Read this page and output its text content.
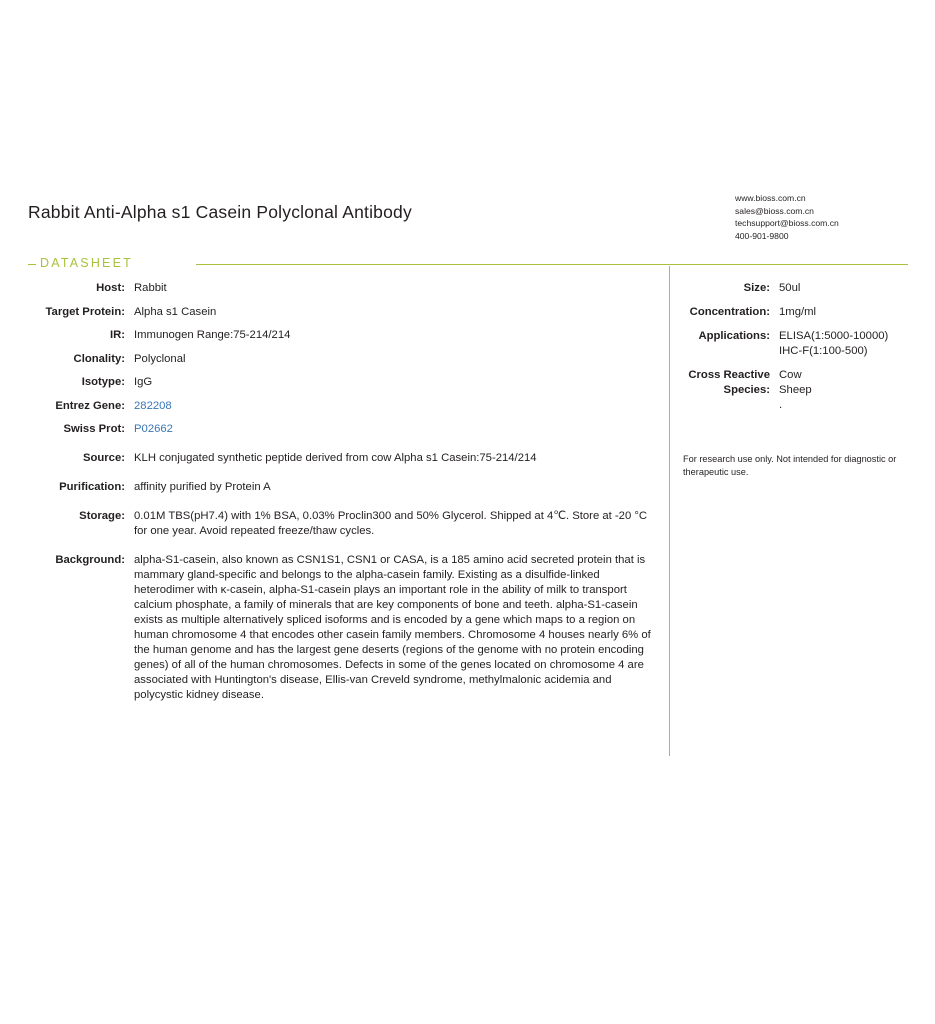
Rabbit Anti-Alpha s1 Casein Polyclonal Antibody
www.bioss.com.cn
sales@bioss.com.cn
techsupport@bioss.com.cn
400-901-9800
DATASHEET
Host: Rabbit
Target Protein: Alpha s1 Casein
IR: Immunogen Range:75-214/214
Clonality: Polyclonal
Isotype: IgG
Entrez Gene: 282208
Swiss Prot: P02662
Source: KLH conjugated synthetic peptide derived from cow Alpha s1 Casein:75-214/214
Purification: affinity purified by Protein A
Storage: 0.01M TBS(pH7.4) with 1% BSA, 0.03% Proclin300 and 50% Glycerol. Shipped at 4℃. Store at -20 °C for one year. Avoid repeated freeze/thaw cycles.
Background: alpha-S1-casein, also known as CSN1S1, CSN1 or CASA, is a 185 amino acid secreted protein that is mammary gland-specific and belongs to the alpha-casein family. Existing as a disulfide-linked heterodimer with κ-casein, alpha-S1-casein plays an important role in the ability of milk to transport calcium phosphate, a family of minerals that are key components of bone and teeth. alpha-S1-casein exists as multiple alternatively spliced isoforms and is encoded by a gene which maps to a region on human chromosome 4 that encodes other casein family members. Chromosome 4 houses nearly 6% of the human genome and has the largest gene deserts (regions of the genome with no protein encoding genes) of all of the human chromosomes. Defects in some of the genes located on chromosome 4 are associated with Huntington's disease, Ellis-van Creveld syndrome, methylmalonic acidemia and polycystic kidney disease.
Size: 50ul
Concentration: 1mg/ml
Applications: ELISA(1:5000-10000)
IHC-F(1:100-500)
Cross Reactive Species:
Cow
Sheep
.
For research use only. Not intended for diagnostic or therapeutic use.
